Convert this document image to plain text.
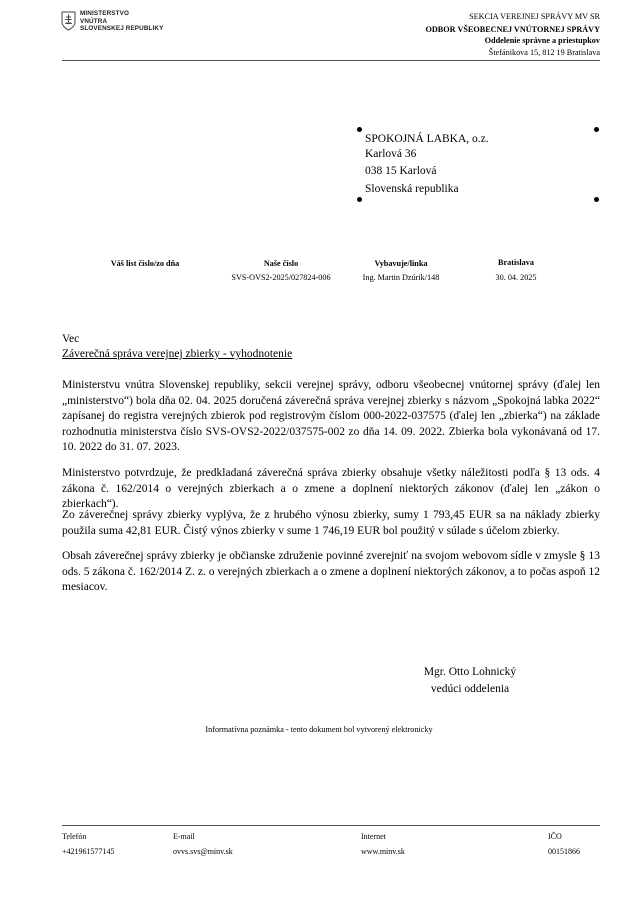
MINISTERSTVO
VNÚTRA
SLOVENSKEJ REPUBLIKY
SEKCIA VEREJNEJ SPRÁVY MV SR
ODBOR VŠEOBECNEJ VNÚTORNEJ SPRÁVY
Oddelenie správne a priestupkov
Štefánikova 15, 812 19 Bratislava
SPOKOJNÁ LABKA, o.z.
Karlová 36
038 15 Karlová
Slovenská republika
Váš list číslo/zo dňa	Naše číslo
SVS-OVS2-2025/027824-006
Vybavuje/linka
Ing. Martin Dzúrik/148
Bratislava
30. 04. 2025
Vec
Záverečná správa verejnej zbierky - vyhodnotenie
Ministerstvu vnútra Slovenskej republiky, sekcii verejnej správy, odboru všeobecnej vnútornej správy (ďalej len „ministerstvo“) bola dňa 02. 04. 2025 doručená záverečná správa verejnej zbierky s názvom „Spokojná labka 2022“ zapísanej do registra verejných zbierok pod registrovým číslom 000-2022-037575 (ďalej len „zbierka“) na základe rozhodnutia ministerstva číslo SVS-OVS2-2022/037575-002 zo dňa 14. 09. 2022. Zbierka bola vykonávaná od 17. 10. 2022 do 31. 07. 2023.
Ministerstvo potvrdzuje, že predkladaná záverečná správa zbierky obsahuje všetky náležitosti podľa § 13 ods. 4 zákona č. 162/2014 o verejných zbierkach a o zmene a doplnení niektorých zákonov (ďalej len „zákon o zbierkach“).
Zo záverečnej správy zbierky vyplýva, že z hrubého výnosu zbierky, sumy 1 793,45 EUR sa na náklady zbierky použila suma 42,81 EUR. Čistý výnos zbierky v sume 1 746,19 EUR bol použitý v súlade s účelom zbierky.
Obsah záverečnej správy zbierky je občianske združenie povinné zverejniť na svojom webovom sídle v zmysle § 13 ods. 5 zákona č. 162/2014 Z. z. o verejných zbierkach a o zmene a doplnení niektorých zákonov, a to počas aspoň 12 mesiacov.
Mgr. Otto Lohnický
vedúci oddelenia
Informatívna poznámka - tento dokument bol vytvorený elektronicky
Telefón
+421961577145
E-mail
ovvs.svs@minv.sk
Internet
www.minv.sk
IČO
00151866
